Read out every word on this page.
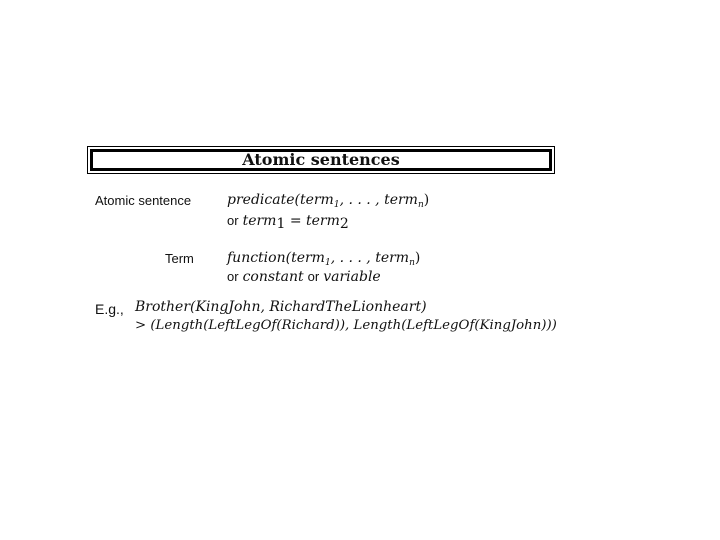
Atomic sentences
Atomic sentence	predicate(term$_1$, . . . , term$_n$)
or term$_1$ = term$_2$
Term function(term$_1$, . . . , term$_n$)
or constant or variable
E.g., Brother(KingJohn, RichardTheLionheart)
> (Length(LeftLegOf(Richard)), Length(LeftLegOf(KingJohn)))
